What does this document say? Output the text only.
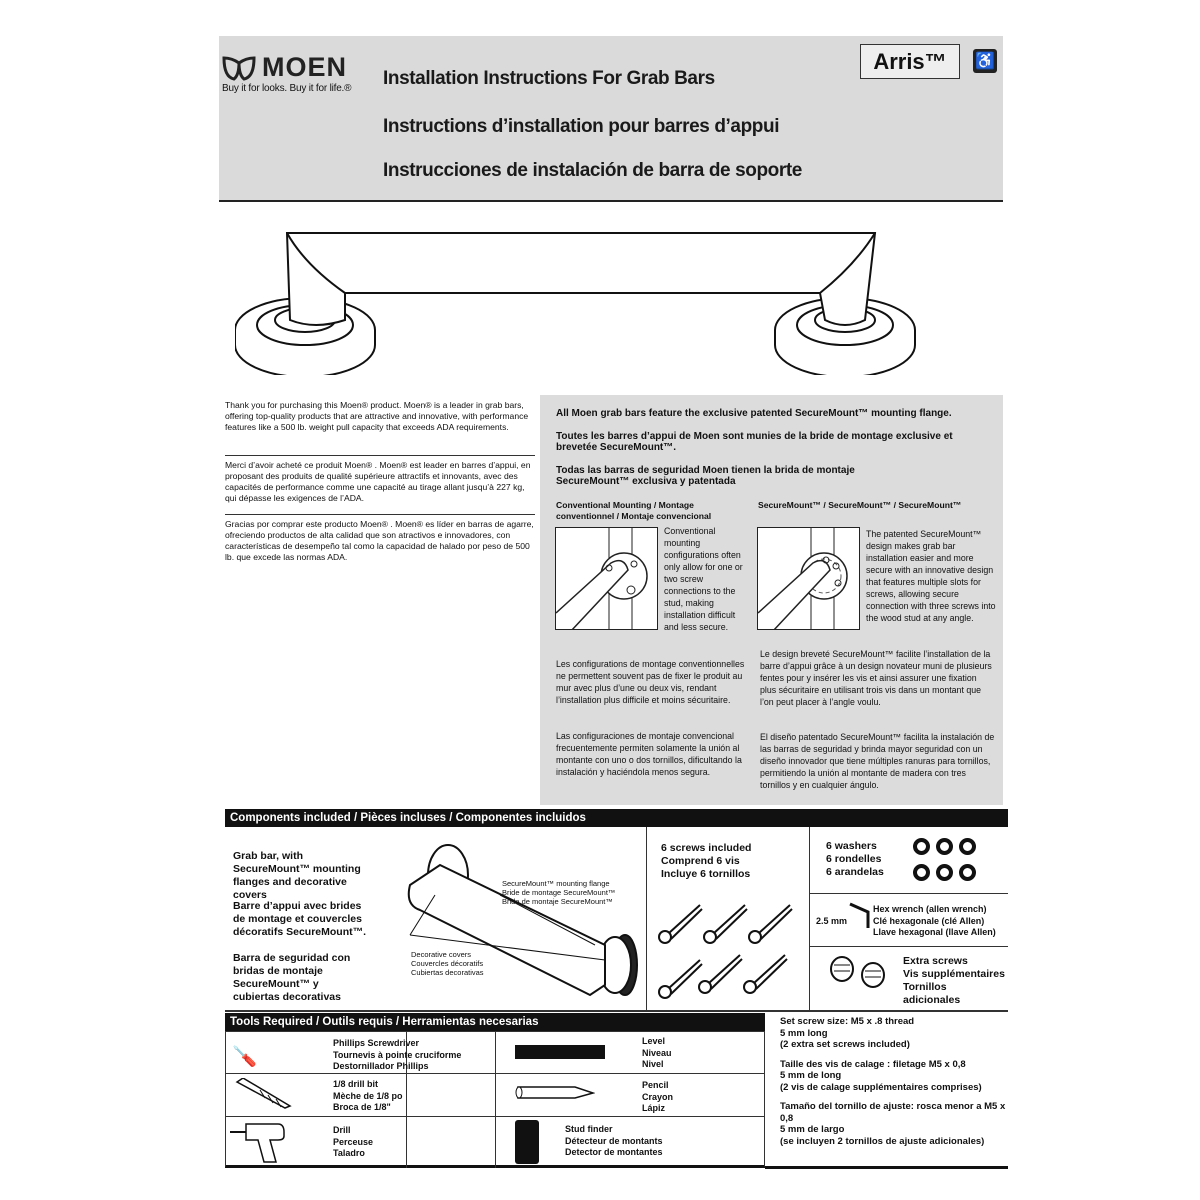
MOEN
Buy it for looks. Buy it for life.® Installation Instructions For Grab Bars
Instructions d’installation pour barres d’appui
Instrucciones de instalación de barra de soporte
Arris™	♿
Thank you for purchasing this Moen® product. Moen® is a leader in grab bars, offering top-quality products that are attractive and innovative, with performance features like a 500 lb. weight pull capacity that exceeds ADA requirements.
Merci d’avoir acheté ce produit Moen® . Moen® est leader en barres d’appui, en proposant des produits de qualité supérieure attractifs et innovants, avec des capacités de performance comme une capacité au tirage allant jusqu’à 227 kg, qui dépasse les exigences de l’ADA.
Gracias por comprar este producto Moen® . Moen® es líder en barras de agarre, ofreciendo productos de alta calidad que son atractivos e innovadores, con características de desempeño tal como la capacidad de halado por peso de 500 lb. que excede las normas ADA.
All Moen grab bars feature the exclusive patented SecureMount™ mounting flange.
Toutes les barres d’appui de Moen sont munies de la bride de montage exclusive et brevetée SecureMount™.
Todas las barras de seguridad Moen tienen la brida de montaje SecureMount™ exclusiva y patentada
Conventional Mounting / Montage conventionnel / Montaje convencional
SecureMount™ / SecureMount™ / SecureMount™
Conventional mounting configurations often only allow for one or two screw connections to the stud, making installation difficult and less secure.
Les configurations de montage conventionnelles ne permettent souvent pas de fixer le produit au mur avec plus d’une ou deux vis, rendant l’installation plus difficile et moins sécuritaire.
Las configuraciones de montaje convencional frecuentemente permiten solamente la unión al montante con uno o dos tornillos, dificultando la instalación y haciéndola menos segura.
The patented SecureMount™ design makes grab bar installation easier and more secure with an innovative design that features multiple slots for screws, allowing secure connection with three screws into the wood stud at any angle.
Le design breveté SecureMount™ facilite l’installation de la barre d’appui grâce à un design novateur muni de plusieurs fentes pour y insérer les vis et ainsi assurer une fixation plus sécuritaire en utilisant trois vis dans un montant que l’on peut placer à l’angle voulu.
El diseño patentado SecureMount™ facilita la instalación de las barras de seguridad y brinda mayor seguridad con un diseño innovador que tiene múltiples ranuras para tornillos, permitiendo la unión al montante de madera con tres tornillos y en cualquier ángulo.
Components included / Pièces incluses / Componentes incluidos
Grab bar, with SecureMount™ mounting flanges and decorative covers
Barre d’appui avec brides de montage et couvercles décoratifs SecureMount™.
Barra de seguridad con bridas de montaje SecureMount™ y cubiertas decorativas
SecureMount™ mounting flange
Bride de montage SecureMount™
Brida de montaje SecureMount™
Decorative covers
Couvercles décoratifs
Cubiertas decorativas
6 screws included
Comprend 6 vis
Incluye 6 tornillos
6 washers
6 rondelles
6 arandelas
2.5 mm
Hex wrench (allen wrench)
Clé hexagonale (clé Allen)
Llave hexagonal (llave Allen)
Extra screws
Vis supplémentaires
Tornillos
adicionales
Tools Required / Outils requis / Herramientas necesarias
🪛
Phillips Screwdriver
Tournevis à pointe cruciforme
Destornillador Phillips
Level
Niveau
Nivel
1/8 drill bit
Mèche de 1/8 po
Broca de 1/8"
Pencil
Crayon
Lápiz
Drill
Perceuse
Taladro
Stud finder
Détecteur de montants
Detector de montantes
Set screw size: M5 x .8 thread
5 mm long
(2 extra set screws included)
Taille des vis de calage : filetage M5 x 0,8
5 mm de long
(2 vis de calage supplémentaires comprises)
Tamaño del tornillo de ajuste: rosca menor a M5 x 0,8
5 mm de largo
(se incluyen 2 tornillos de ajuste adicionales)
